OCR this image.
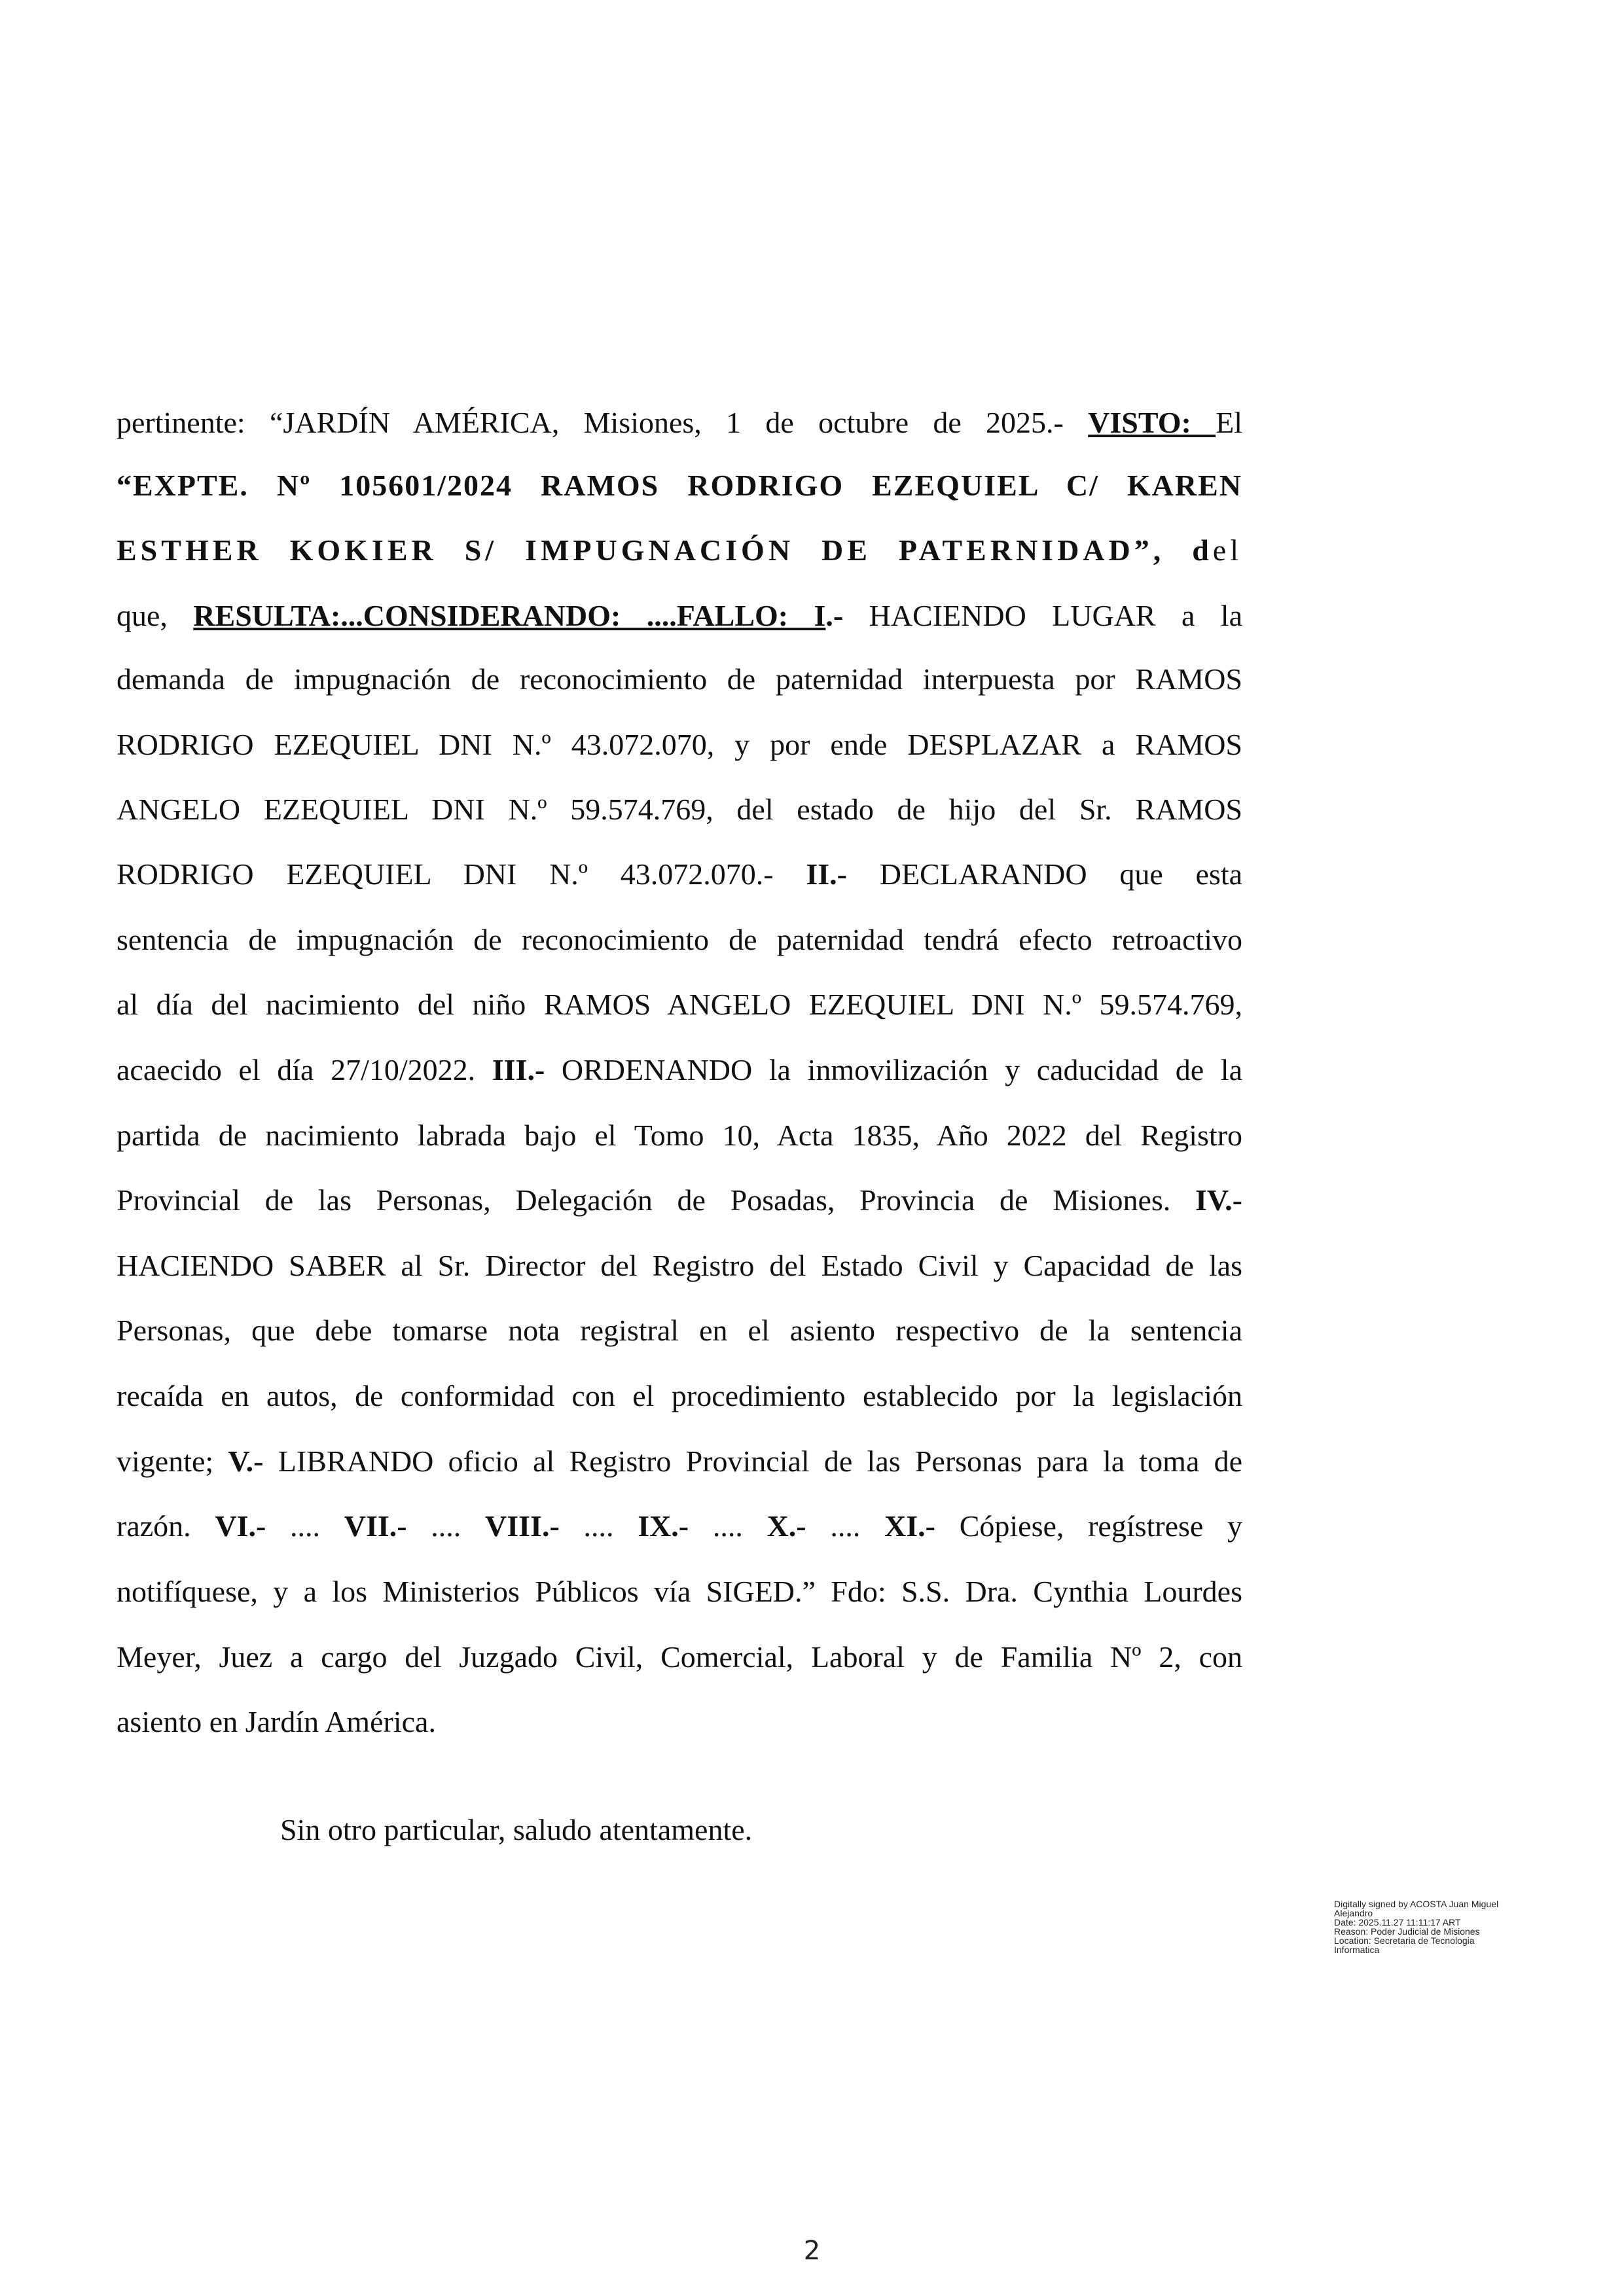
pertinente: “JARDÍN AMÉRICA, Misiones, 1 de octubre de 2025.- VISTO: El
“EXPTE. Nº 105601/2024 RAMOS RODRIGO EZEQUIEL C/ KAREN
ESTHER KOKIER S/ IMPUGNACIÓN DE PATERNIDAD”, del
que, RESULTA:...CONSIDERANDO: ....FALLO: I.- HACIENDO LUGAR a la
demanda de impugnación de reconocimiento de paternidad interpuesta por RAMOS
RODRIGO EZEQUIEL DNI N.º 43.072.070, y por ende DESPLAZAR a RAMOS
ANGELO EZEQUIEL DNI N.º 59.574.769, del estado de hijo del Sr. RAMOS
RODRIGO EZEQUIEL DNI N.º 43.072.070.- II.- DECLARANDO que esta
sentencia de impugnación de reconocimiento de paternidad tendrá efecto retroactivo
al día del nacimiento del niño RAMOS ANGELO EZEQUIEL DNI N.º 59.574.769,
acaecido el día 27/10/2022. III.- ORDENANDO la inmovilización y caducidad de la
partida de nacimiento labrada bajo el Tomo 10, Acta 1835, Año 2022 del Registro
Provincial de las Personas, Delegación de Posadas, Provincia de Misiones. IV.-
HACIENDO SABER al Sr. Director del Registro del Estado Civil y Capacidad de las
Personas, que debe tomarse nota registral en el asiento respectivo de la sentencia
recaída en autos, de conformidad con el procedimiento establecido por la legislación
vigente; V.- LIBRANDO oficio al Registro Provincial de las Personas para la toma de
razón. VI.- .... VII.- .... VIII.- .... IX.- .... X.- .... XI.- Cópiese, regístrese y
notifíquese, y a los Ministerios Públicos vía SIGED.” Fdo: S.S. Dra. Cynthia Lourdes
Meyer, Juez a cargo del Juzgado Civil, Comercial, Laboral y de Familia Nº 2, con
asiento en Jardín América.
Sin otro particular, saludo atentamente.
Digitally signed by ACOSTA Juan Miguel
Alejandro
Date: 2025.11.27 11:11:17 ART
Reason: Poder Judicial de Misiones
Location: Secretaria de Tecnologia
Informatica
2
